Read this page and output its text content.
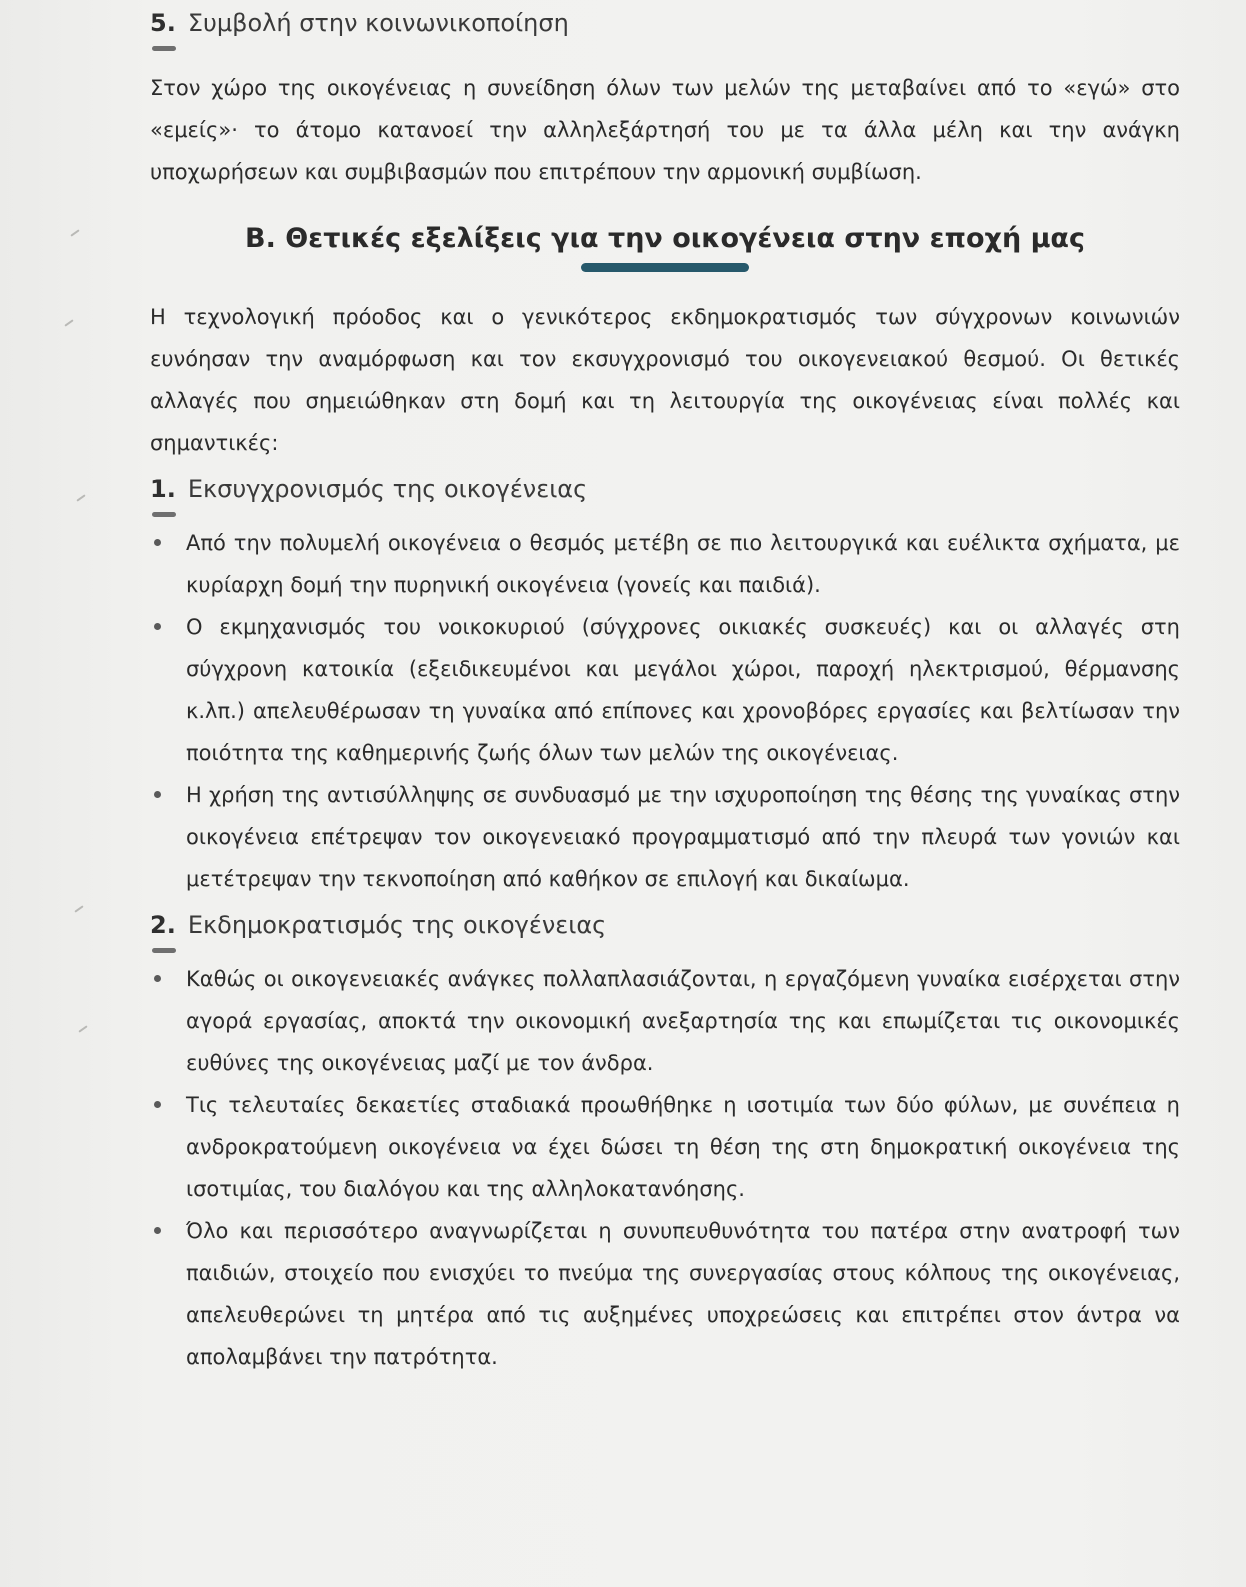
5. Συμβολή στην κοινωνικοποίηση

Στον χώρο της οικογένειας η συνείδηση όλων των μελών της μεταβαίνει από το «εγώ» στο «εμείς»· το άτομο κατανοεί την αλληλεξάρτησή του με τα άλλα μέλη και την ανάγκη υποχωρήσεων και συμβιβασμών που επιτρέπουν την αρμονική συμβίωση.

Β. Θετικές εξελίξεις για την οικογένεια στην εποχή μας

Η τεχνολογική πρόοδος και ο γενικότερος εκδημοκρατισμός των σύγχρονων κοινωνιών ευνόησαν την αναμόρφωση και τον εκσυγχρονισμό του οικογενειακού θεσμού. Οι θετικές αλλαγές που σημειώθηκαν στη δομή και τη λειτουργία της οικογένειας είναι πολλές και σημαντικές:

1. Εκσυγχρονισμός της οικογένειας
Από την πολυμελή οικογένεια ο θεσμός μετέβη σε πιο λειτουργικά και ευέλικτα σχήματα, με κυρίαρχη δομή την πυρηνική οικογένεια (γονείς και παιδιά).
Ο εκμηχανισμός του νοικοκυριού (σύγχρονες οικιακές συσκευές) και οι αλλαγές στη σύγχρονη κατοικία (εξειδικευμένοι και μεγάλοι χώροι, παροχή ηλεκτρισμού, θέρμανσης κ.λπ.) απελευθέρωσαν τη γυναίκα από επίπονες και χρονοβόρες εργασίες και βελτίωσαν την ποιότητα της καθημερινής ζωής όλων των μελών της οικογένειας.
Η χρήση της αντισύλληψης σε συνδυασμό με την ισχυροποίηση της θέσης της γυναίκας στην οικογένεια επέτρεψαν τον οικογενειακό προγραμματισμό από την πλευρά των γονιών και μετέτρεψαν την τεκνοποίηση από καθήκον σε επιλογή και δικαίωμα.
2. Εκδημοκρατισμός της οικογένειας
Καθώς οι οικογενειακές ανάγκες πολλαπλασιάζονται, η εργαζόμενη γυναίκα εισέρχεται στην αγορά εργασίας, αποκτά την οικονομική ανεξαρτησία της και επωμίζεται τις οικονομικές ευθύνες της οικογένειας μαζί με τον άνδρα.
Τις τελευταίες δεκαετίες σταδιακά προωθήθηκε η ισοτιμία των δύο φύλων, με συνέπεια η ανδροκρατούμενη οικογένεια να έχει δώσει τη θέση της στη δημοκρατική οικογένεια της ισοτιμίας, του διαλόγου και της αλληλοκατανόησης.
Όλο και περισσότερο αναγνωρίζεται η συνυπευθυνότητα του πατέρα στην ανατροφή των παιδιών, στοιχείο που ενισχύει το πνεύμα της συνεργασίας στους κόλπους της οικογένειας, απελευθερώνει τη μητέρα από τις αυξημένες υποχρεώσεις και επιτρέπει στον άντρα να απολαμβάνει την πατρότητα.
